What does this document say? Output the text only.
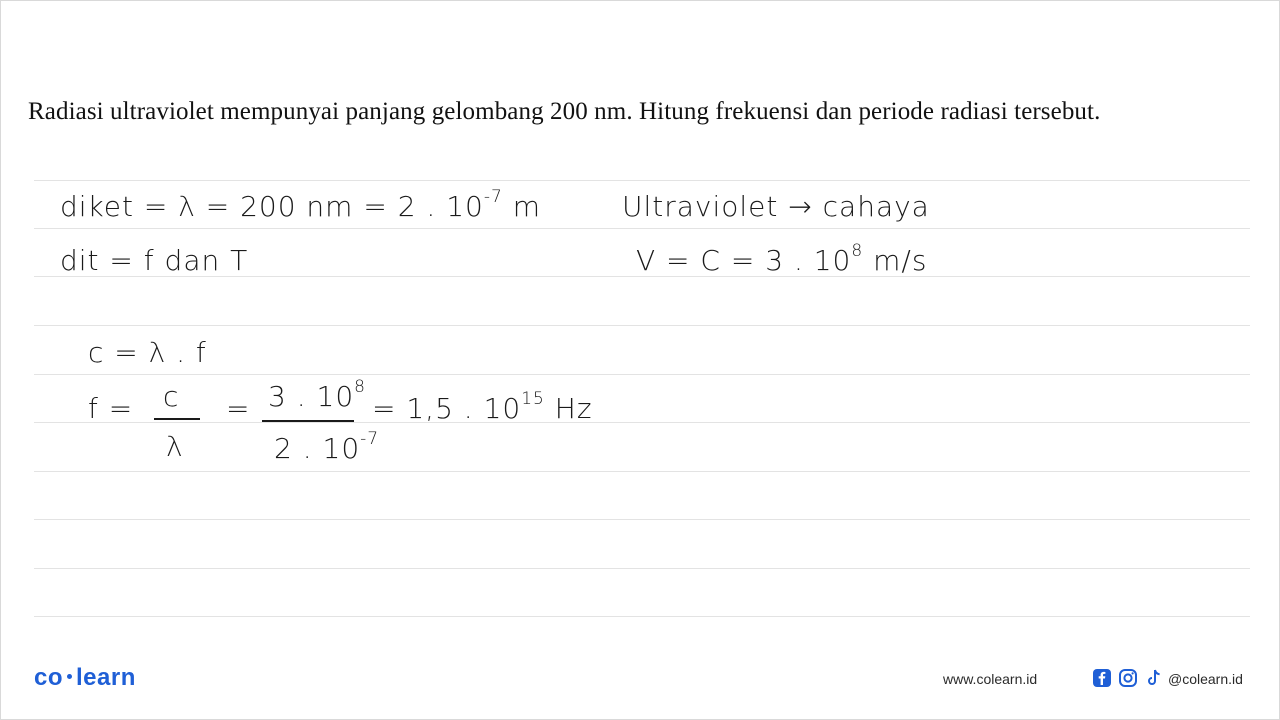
Radiasi ultraviolet mempunyai panjang gelombang 200 nm. Hitung frekuensi dan periode radiasi tersebut.
diket = λ = 200 nm = 2 . $10^{-7}$ m	Ultraviolet → cahaya
dit = f dan T	V = C = 3 . $10^8$ m/s
c = λ . f
f = c
λ
= 3 . $10^8$
2 . $10^{-7}$
= 1,5 . $10^{15}$ Hz
co learn	www.colearn.id	@colearn.id
